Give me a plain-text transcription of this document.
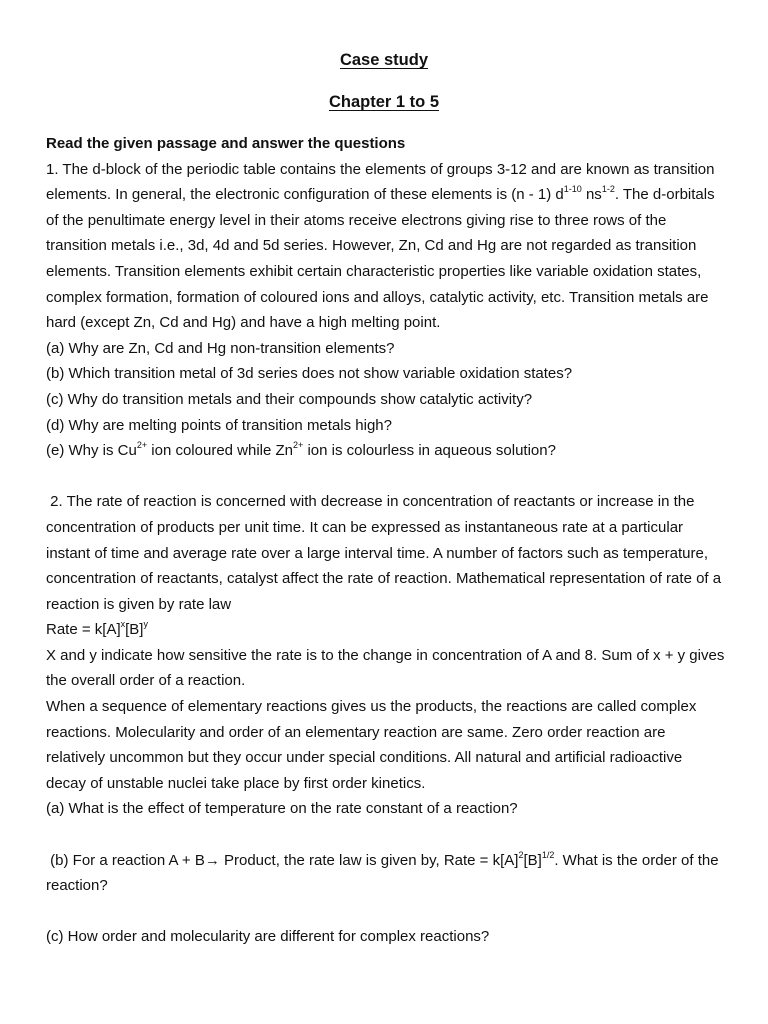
Case study
Chapter 1 to 5

Read the given passage and answer the questions

1. The d-block of the periodic table contains the elements of groups 3-12 and are known as transition elements. In general, the electronic configuration of these elements is (n - 1) $d^{1-10}$ $ns^{1-2}$. The d-orbitals of the penultimate energy level in their atoms receive electrons giving rise to three rows of the transition metals i.e., 3d, 4d and 5d series. However, Zn, Cd and Hg are not regarded as transition elements. Transition elements exhibit certain characteristic properties like variable oxidation states, complex formation, formation of coloured ions and alloys, catalytic activity, etc. Transition metals are hard (except Zn, Cd and Hg) and have a high melting point.

(a) Why are Zn, Cd and Hg non-transition elements?

(b) Which transition metal of 3d series does not show variable oxidation states?

(c) Why do transition metals and their compounds show catalytic activity?

(d) Why are melting points of transition metals high?

(e) Why is $Cu^{2+}$ ion coloured while $Zn^{2+}$ ion is colourless in aqueous solution?

2. The rate of reaction is concerned with decrease in concentration of reactants or increase in the concentration of products per unit time. It can be expressed as instantaneous rate at a particular instant of time and average rate over a large interval time. A number of factors such as temperature, concentration of reactants, catalyst affect the rate of reaction. Mathematical representation of rate of a reaction is given by rate law

Rate = $k[A]^x[B]^y$

X and y indicate how sensitive the rate is to the change in concentration of A and 8. Sum of x + y gives the overall order of a reaction.

When a sequence of elementary reactions gives us the products, the reactions are called complex reactions. Molecularity and order of an elementary reaction are same. Zero order reaction are relatively uncommon but they occur under special conditions. All natural and artificial radioactive decay of unstable nuclei take place by first order kinetics.

(a) What is the effect of temperature on the rate constant of a reaction?

(b) For a reaction A + B→ Product, the rate law is given by, Rate = $k[A]^2[B]^{1/2}$. What is the order of the reaction?

(c) How order and molecularity are different for complex reactions?
